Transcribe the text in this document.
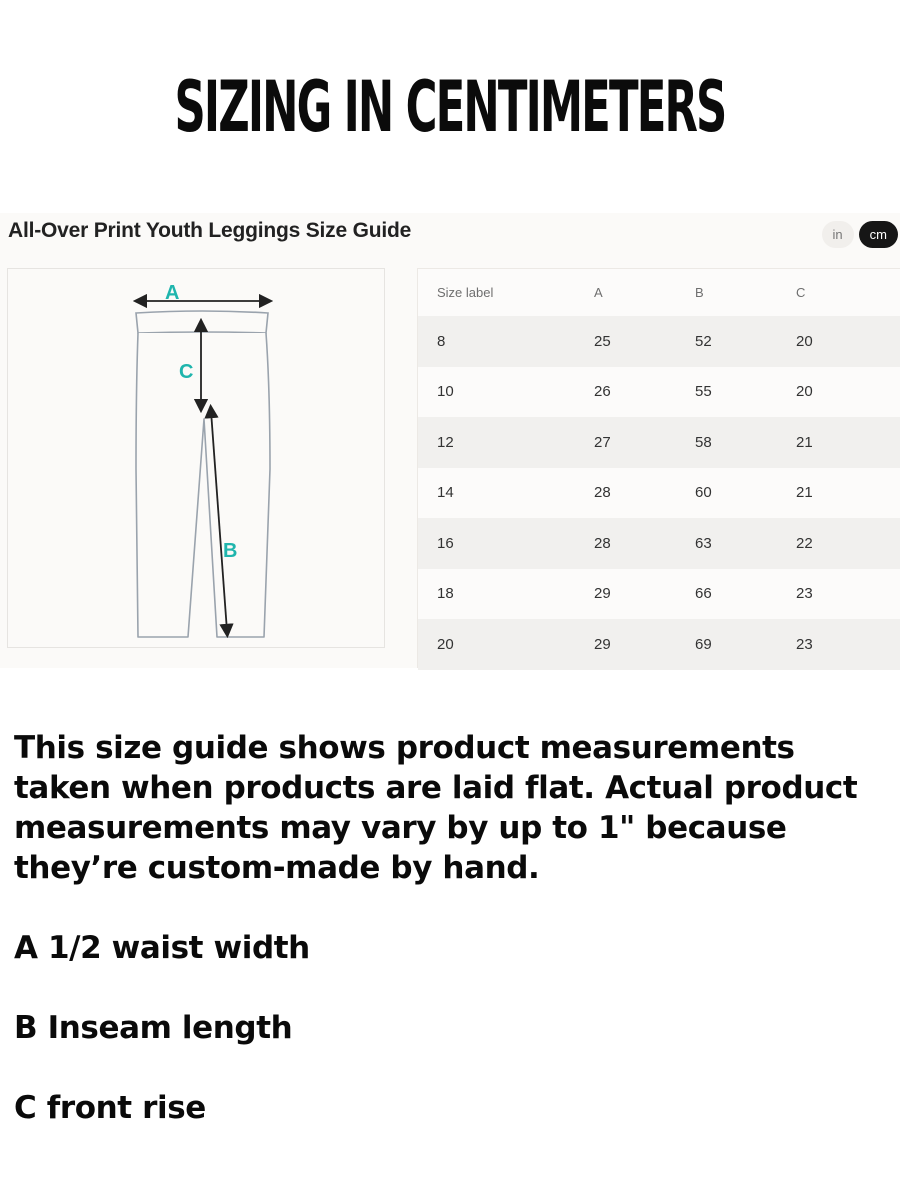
SIZING IN CENTIMETERS
All-Over Print Youth Leggings Size Guide	in	cm
A
C
B
Size label	A	B	C
8	25	52	20
10	26	55	20
12	27	58	21
14	28	60	21
16	28	63	22
18	29	66	23
20	29	69	23

This size guide shows product measurements taken when products are laid flat. Actual product measurements may vary by up to 1" because they’re custom-made by hand.

A 1/2 waist width

B Inseam length

C front rise
